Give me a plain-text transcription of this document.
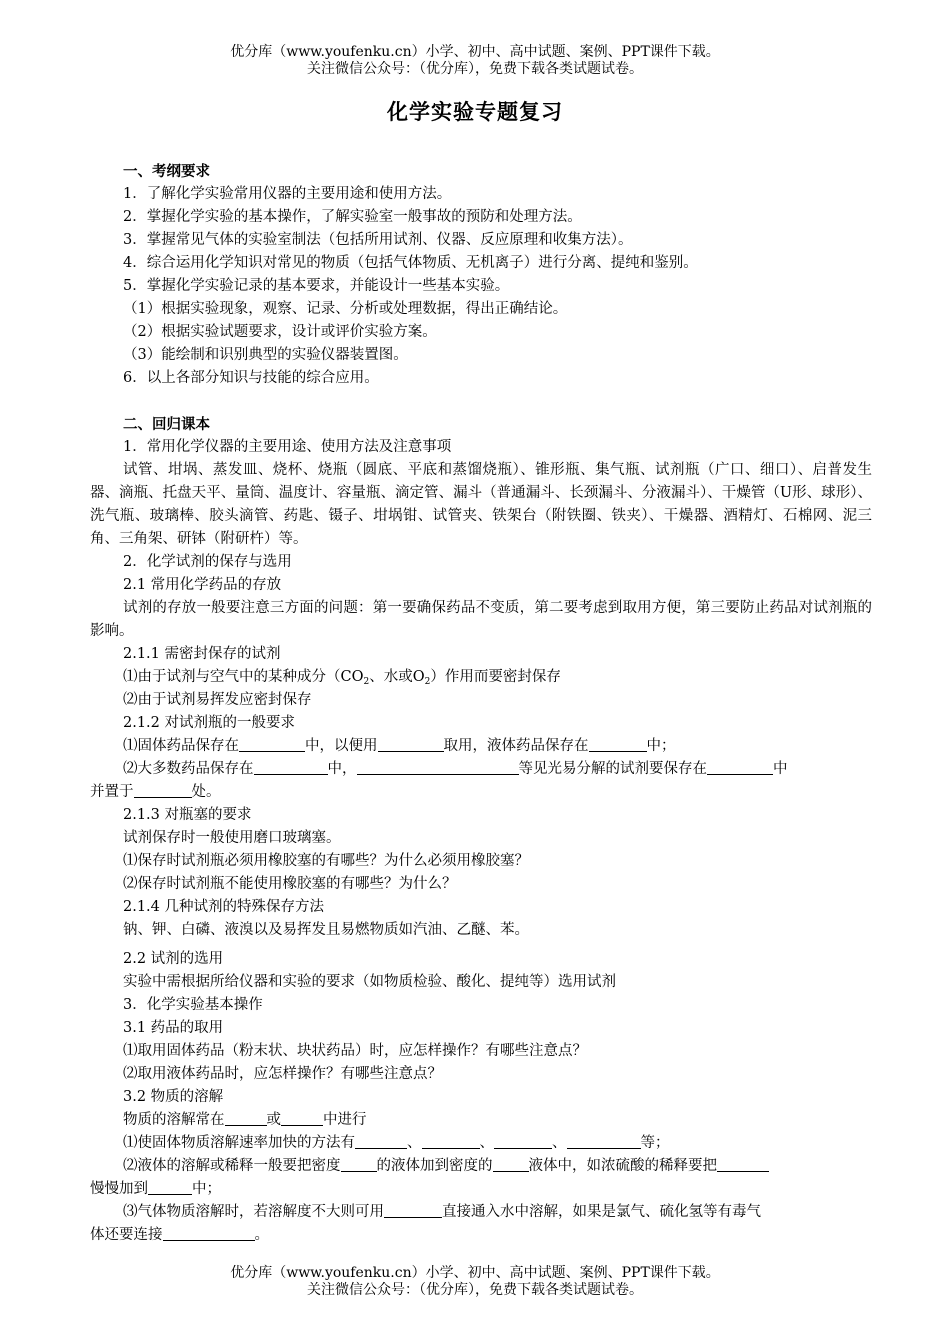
优分库（www.youfenku.cn）小学、初中、高中试题、案例、PPT课件下载。
关注微信公众号：（优分库），免费下载各类试题试卷。
化学实验专题复习
一、考纲要求
1．了解化学实验常用仪器的主要用途和使用方法。
2．掌握化学实验的基本操作，了解实验室一般事故的预防和处理方法。
3．掌握常见气体的实验室制法（包括所用试剂、仪器、反应原理和收集方法）。
4．综合运用化学知识对常见的物质（包括气体物质、无机离子）进行分离、提纯和鉴别。
5．掌握化学实验记录的基本要求，并能设计一些基本实验。
（1）根据实验现象，观察、记录、分析或处理数据，得出正确结论。
（2）根据实验试题要求，设计或评价实验方案。
（3）能绘制和识别典型的实验仪器装置图。
6．以上各部分知识与技能的综合应用。
二、回归课本
1．常用化学仪器的主要用途、使用方法及注意事项
试管、坩埚、蒸发皿、烧杯、烧瓶（圆底、平底和蒸馏烧瓶）、锥形瓶、集气瓶、试剂瓶（广口、细口）、启普发生器、滴瓶、托盘天平、量筒、温度计、容量瓶、滴定管、漏斗（普通漏斗、长颈漏斗、分液漏斗）、干燥管（U形、球形）、洗气瓶、玻璃棒、胶头滴管、药匙、镊子、坩埚钳、试管夹、铁架台（附铁圈、铁夹）、干燥器、酒精灯、石棉网、泥三角、三角架、研钵（附研杵）等。
2．化学试剂的保存与选用
2.1 常用化学药品的存放
试剂的存放一般要注意三方面的问题：第一要确保药品不变质，第二要考虑到取用方便，第三要防止药品对试剂瓶的影响。
2.1.1 需密封保存的试剂
⑴由于试剂与空气中的某种成分（$CO_2$、水或$O_2$）作用而要密封保存
⑵由于试剂易挥发应密封保存
2.1.2 对试剂瓶的一般要求
⑴固体药品保存在	中，以便用	取用，液体药品保存在	中；
⑵大多数药品保存在	中，	等见光易分解的试剂要保存在	中
并置于	处。
2.1.3 对瓶塞的要求
试剂保存时一般使用磨口玻璃塞。
⑴保存时试剂瓶必须用橡胶塞的有哪些？为什么必须用橡胶塞？
⑵保存时试剂瓶不能使用橡胶塞的有哪些？为什么？
2.1.4 几种试剂的特殊保存方法
钠、钾、白磷、液溴以及易挥发且易燃物质如汽油、乙醚、苯。
2.2 试剂的选用
实验中需根据所给仪器和实验的要求（如物质检验、酸化、提纯等）选用试剂
3．化学实验基本操作
3.1 药品的取用
⑴取用固体药品（粉末状、块状药品）时，应怎样操作？有哪些注意点？
⑵取用液体药品时，应怎样操作？有哪些注意点？
3.2 物质的溶解
物质的溶解常在	或	中进行
⑴使固体物质溶解速率加快的方法有	、	、	、	等；
⑵液体的溶解或稀释一般要把密度 的液体加到密度的 液体中，如浓硫酸的稀释要把
慢慢加到	中；
⑶气体物质溶解时，若溶解度不大则可用	直接通入水中溶解，如果是氯气、硫化氢等有毒气
体还要连接	。
优分库（www.youfenku.cn）小学、初中、高中试题、案例、PPT课件下载。
关注微信公众号：（优分库），免费下载各类试题试卷。
